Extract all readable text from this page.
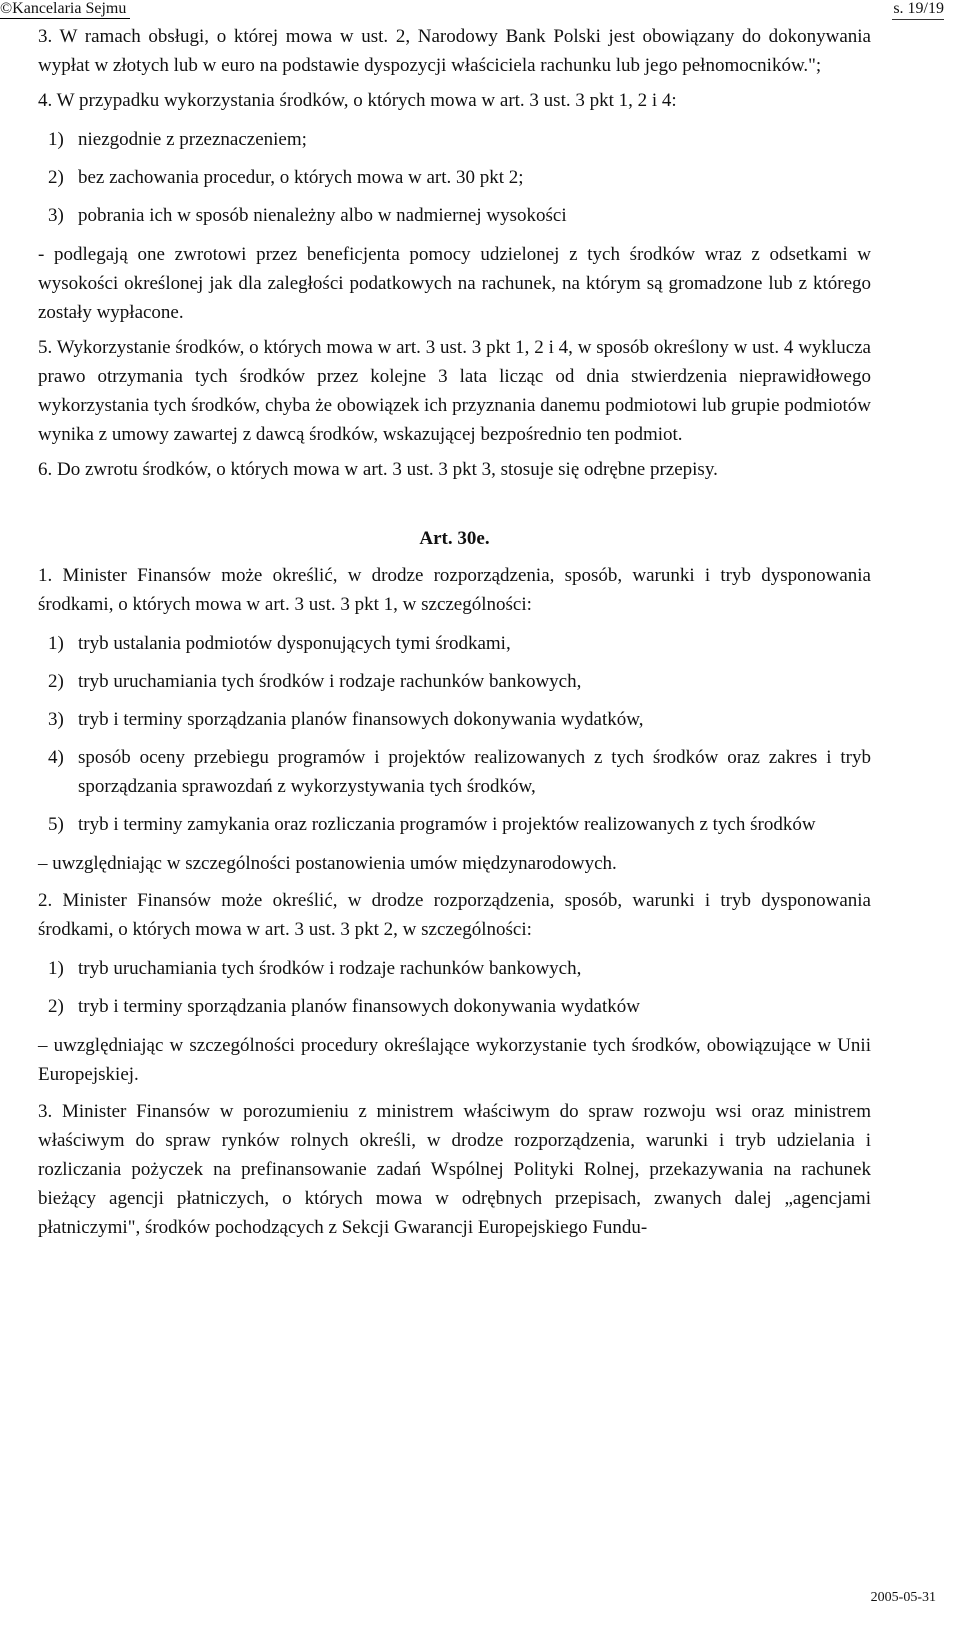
©Kancelaria Sejmu	s. 19/19

3. W ramach obsługi, o której mowa w ust. 2, Narodowy Bank Polski jest obowiązany do dokonywania wypłat w złotych lub w euro na podstawie dyspozycji właściciela rachunku lub jego pełnomocników.";

4. W przypadku wykorzystania środków, o których mowa w art. 3 ust. 3 pkt 1, 2 i 4:

1) niezgodnie z przeznaczeniem;
2) bez zachowania procedur, o których mowa w art. 30 pkt 2;
3) pobrania ich w sposób nienależny albo w nadmiernej wysokości

- podlegają one zwrotowi przez beneficjenta pomocy udzielonej z tych środków wraz z odsetkami w wysokości określonej jak dla zaległości podatkowych na rachunek, na którym są gromadzone lub z którego zostały wypłacone.

5. Wykorzystanie środków, o których mowa w art. 3 ust. 3 pkt 1, 2 i 4, w sposób określony w ust. 4 wyklucza prawo otrzymania tych środków przez kolejne 3 lata licząc od dnia stwierdzenia nieprawidłowego wykorzystania tych środków, chyba że obowiązek ich przyznania danemu podmiotowi lub grupie podmiotów wynika z umowy zawartej z dawcą środków, wskazującej bezpośrednio ten podmiot.

6. Do zwrotu środków, o których mowa w art. 3 ust. 3 pkt 3, stosuje się odrębne przepisy.

Art. 30e.

1. Minister Finansów może określić, w drodze rozporządzenia, sposób, warunki i tryb dysponowania środkami, o których mowa w art. 3 ust. 3 pkt 1, w szczególności:

1) tryb ustalania podmiotów dysponujących tymi środkami,
2) tryb uruchamiania tych środków i rodzaje rachunków bankowych,
3) tryb i terminy sporządzania planów finansowych dokonywania wydatków,
4) sposób oceny przebiegu programów i projektów realizowanych z tych środków oraz zakres i tryb sporządzania sprawozdań z wykorzystywania tych środków,
5) tryb i terminy zamykania oraz rozliczania programów i projektów realizowanych z tych środków

– uwzględniając w szczególności postanowienia umów międzynarodowych.

2. Minister Finansów może określić, w drodze rozporządzenia, sposób, warunki i tryb dysponowania środkami, o których mowa w art. 3 ust. 3 pkt 2, w szczególności:

1) tryb uruchamiania tych środków i rodzaje rachunków bankowych,
2) tryb i terminy sporządzania planów finansowych dokonywania wydatków

– uwzględniając w szczególności procedury określające wykorzystanie tych środków, obowiązujące w Unii Europejskiej.

3. Minister Finansów w porozumieniu z ministrem właściwym do spraw rozwoju wsi oraz ministrem właściwym do spraw rynków rolnych określi, w drodze rozporządzenia, warunki i tryb udzielania i rozliczania pożyczek na prefinansowanie zadań Wspólnej Polityki Rolnej, przekazywania na rachunek bieżący agencji płatniczych, o których mowa w odrębnych przepisach, zwanych dalej „agencjami płatniczymi", środków pochodzących z Sekcji Gwarancji Europejskiego Fundu-

2005-05-31
